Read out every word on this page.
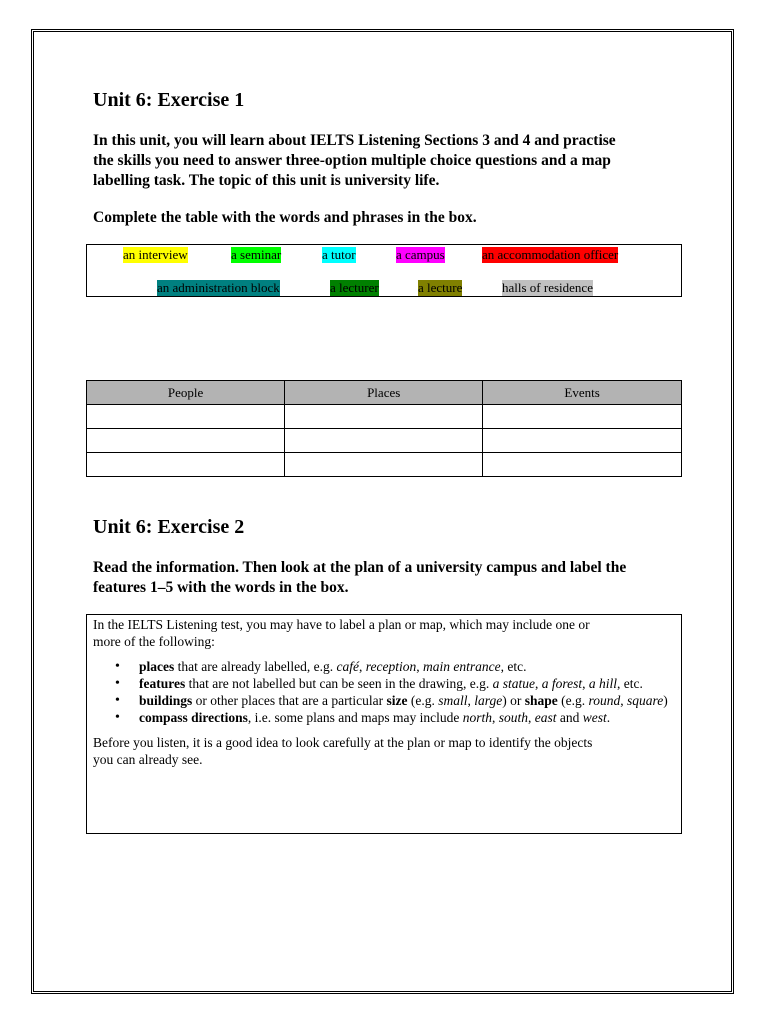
Unit 6: Exercise 1
In this unit, you will learn about IELTS Listening Sections 3 and 4 and practise
the skills you need to answer three-option multiple choice questions and a map
labelling task. The topic of this unit is university life.
Complete the table with the words and phrases in the box.
an interview	a seminar	a tutor	a campus	an accommodation officer
an administration block	a lecturer	a lecture	halls of residence
People	Places	Events

Unit 6: Exercise 2
Read the information. Then look at the plan of a university campus and label the
features 1–5 with the words in the box.

In the IELTS Listening test, you may have to label a plan or map, which may include one or
more of the following:

• places that are already labelled, e.g. café, reception, main entrance, etc.
• features that are not labelled but can be seen in the drawing, e.g. a statue, a forest, a hill, etc.
• buildings or other places that are a particular size (e.g. small, large) or shape (e.g. round, square)
• compass directions, i.e. some plans and maps may include north, south, east and west.

Before you listen, it is a good idea to look carefully at the plan or map to identify the objects
you can already see.
